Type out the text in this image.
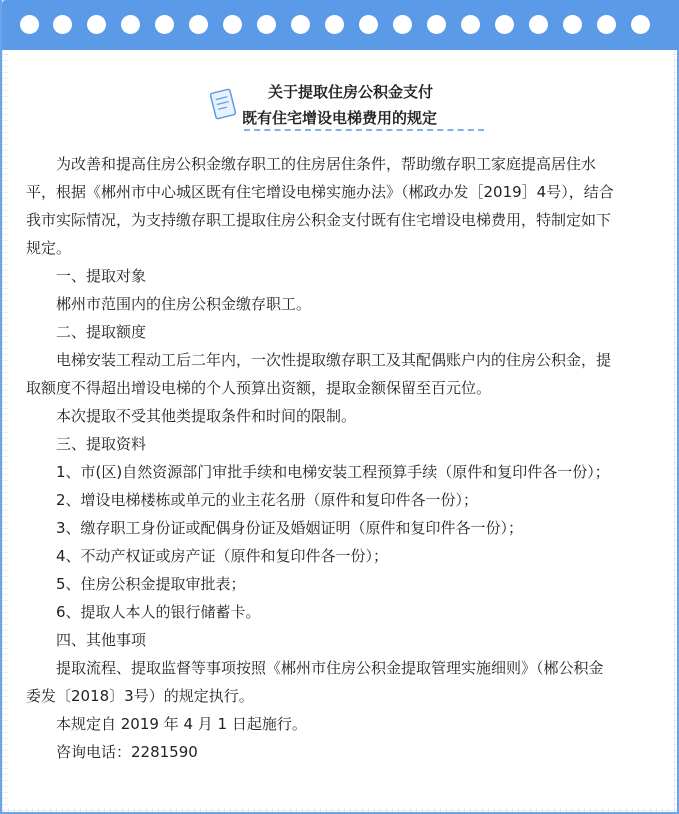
关于提取住房公积金支付
既有住宅增设电梯费用的规定

为改善和提高住房公积金缴存职工的住房居住条件，帮助缴存职工家庭提高居住水平，根据《郴州市中心城区既有住宅增设电梯实施办法》（郴政办发［2019］4号），结合我市实际情况，为支持缴存职工提取住房公积金支付既有住宅增设电梯费用，特制定如下规定。

一、提取对象

郴州市范围内的住房公积金缴存职工。

二、提取额度

电梯安装工程动工后二年内，一次性提取缴存职工及其配偶账户内的住房公积金，提取额度不得超出增设电梯的个人预算出资额，提取金额保留至百元位。

本次提取不受其他类提取条件和时间的限制。

三、提取资料

1、市(区)自然资源部门审批手续和电梯安装工程预算手续（原件和复印件各一份）；

2、增设电梯楼栋或单元的业主花名册（原件和复印件各一份）；

3、缴存职工身份证或配偶身份证及婚姻证明（原件和复印件各一份）；

4、不动产权证或房产证（原件和复印件各一份）；

5、住房公积金提取审批表；

6、提取人本人的银行储蓄卡。

四、其他事项

提取流程、提取监督等事项按照《郴州市住房公积金提取管理实施细则》（郴公积金委发〔2018〕3号）的规定执行。

本规定自 2019 年 4 月 1 日起施行。

咨询电话：2281590
